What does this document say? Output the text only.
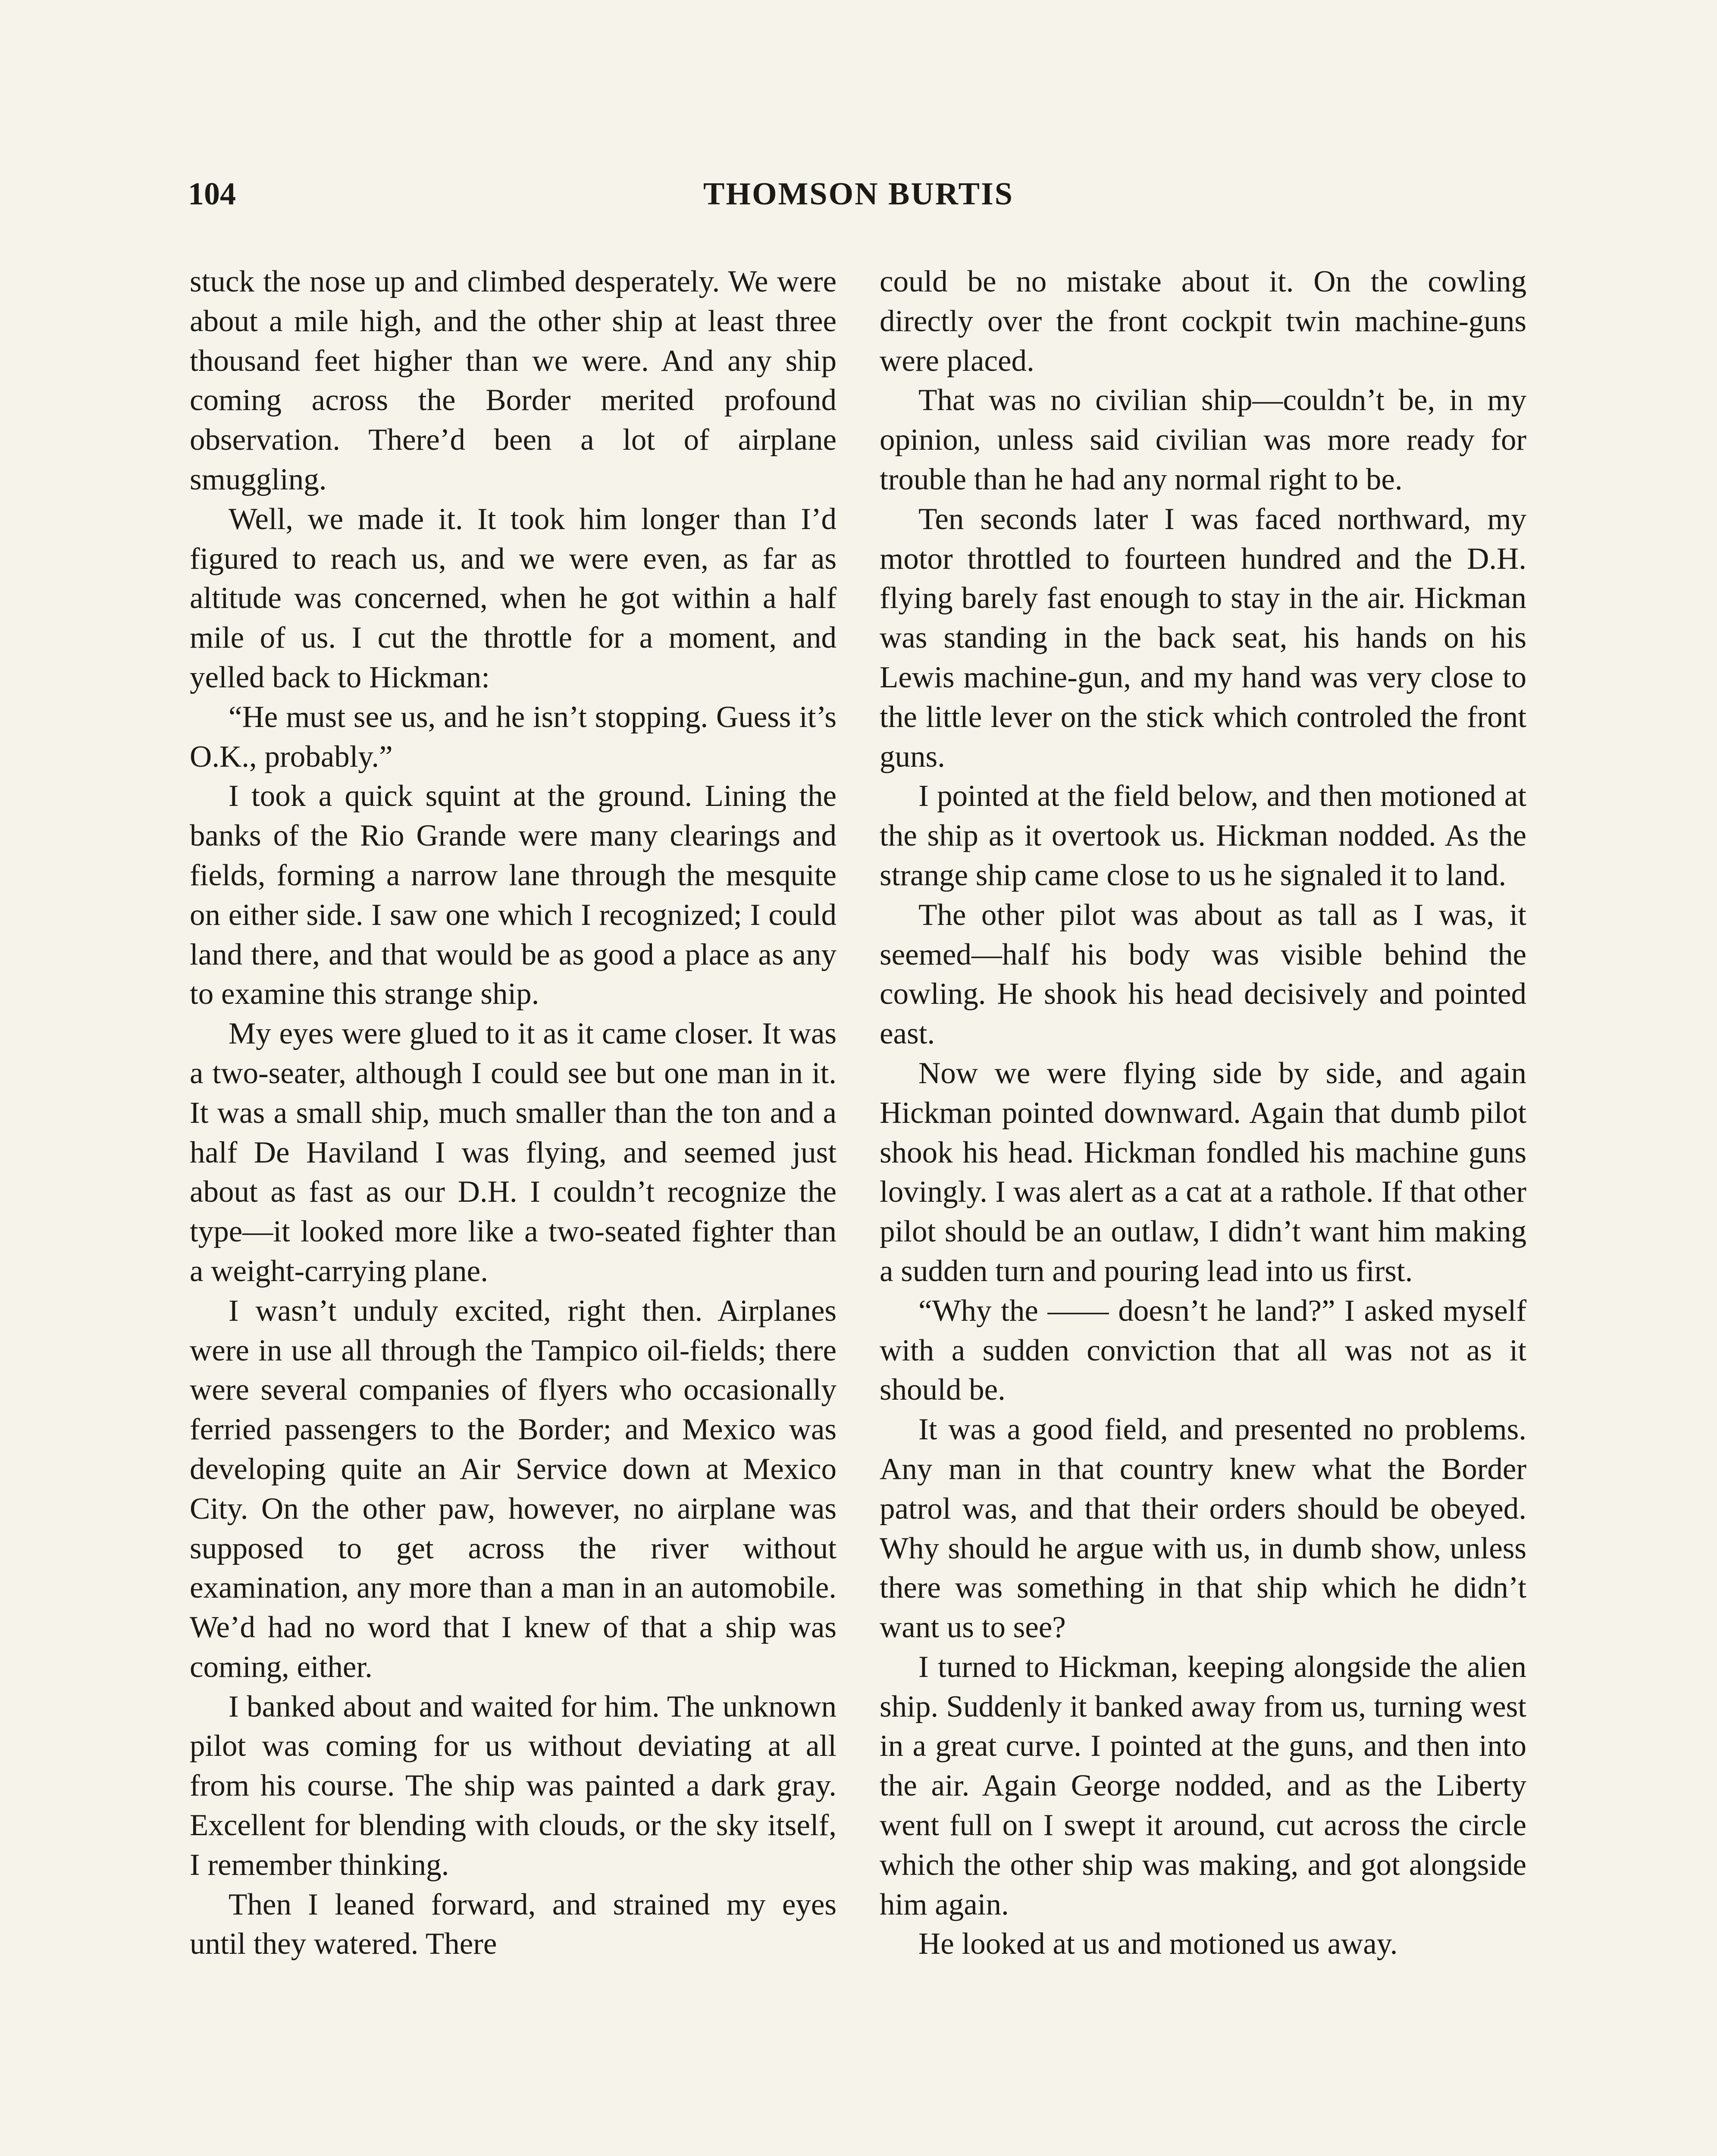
104	THOMSON BURTIS

stuck the nose up and climbed desperately. We were about a mile high, and the other ship at least three thousand feet higher than we were. And any ship coming across the Border merited profound observation. There’d been a lot of airplane smuggling.

Well, we made it. It took him longer than I’d figured to reach us, and we were even, as far as altitude was concerned, when he got within a half mile of us. I cut the throttle for a moment, and yelled back to Hickman:

“He must see us, and he isn’t stopping. Guess it’s O.K., probably.”

I took a quick squint at the ground. Lining the banks of the Rio Grande were many clearings and fields, forming a narrow lane through the mesquite on either side. I saw one which I recognized; I could land there, and that would be as good a place as any to examine this strange ship.

My eyes were glued to it as it came closer. It was a two-seater, although I could see but one man in it. It was a small ship, much smaller than the ton and a half De Haviland I was flying, and seemed just about as fast as our D.H. I couldn’t recognize the type—it looked more like a two-seated fighter than a weight-carrying plane.

I wasn’t unduly excited, right then. Airplanes were in use all through the Tampico oil-fields; there were several companies of flyers who occasionally ferried passengers to the Border; and Mexico was developing quite an Air Service down at Mexico City. On the other paw, however, no airplane was supposed to get across the river without examination, any more than a man in an automobile. We’d had no word that I knew of that a ship was coming, either.

I banked about and waited for him. The unknown pilot was coming for us without deviating at all from his course. The ship was painted a dark gray. Excellent for blending with clouds, or the sky itself, I remember thinking.

Then I leaned forward, and strained my eyes until they watered. There

could be no mistake about it. On the cowling directly over the front cockpit twin machine-guns were placed.

That was no civilian ship—couldn’t be, in my opinion, unless said civilian was more ready for trouble than he had any normal right to be.

Ten seconds later I was faced northward, my motor throttled to fourteen hundred and the D.H. flying barely fast enough to stay in the air. Hickman was standing in the back seat, his hands on his Lewis machine-gun, and my hand was very close to the little lever on the stick which controled the front guns.

I pointed at the field below, and then motioned at the ship as it overtook us. Hickman nodded. As the strange ship came close to us he signaled it to land.

The other pilot was about as tall as I was, it seemed—half his body was visible behind the cowling. He shook his head decisively and pointed east.

Now we were flying side by side, and again Hickman pointed downward. Again that dumb pilot shook his head. Hickman fondled his machine guns lovingly. I was alert as a cat at a rathole. If that other pilot should be an outlaw, I didn’t want him making a sudden turn and pouring lead into us first.

“Why the —— doesn’t he land?” I asked myself with a sudden conviction that all was not as it should be.

It was a good field, and presented no problems. Any man in that country knew what the Border patrol was, and that their orders should be obeyed. Why should he argue with us, in dumb show, unless there was something in that ship which he didn’t want us to see?

I turned to Hickman, keeping alongside the alien ship. Suddenly it banked away from us, turning west in a great curve. I pointed at the guns, and then into the air. Again George nodded, and as the Liberty went full on I swept it around, cut across the circle which the other ship was making, and got alongside him again.

He looked at us and motioned us away.
